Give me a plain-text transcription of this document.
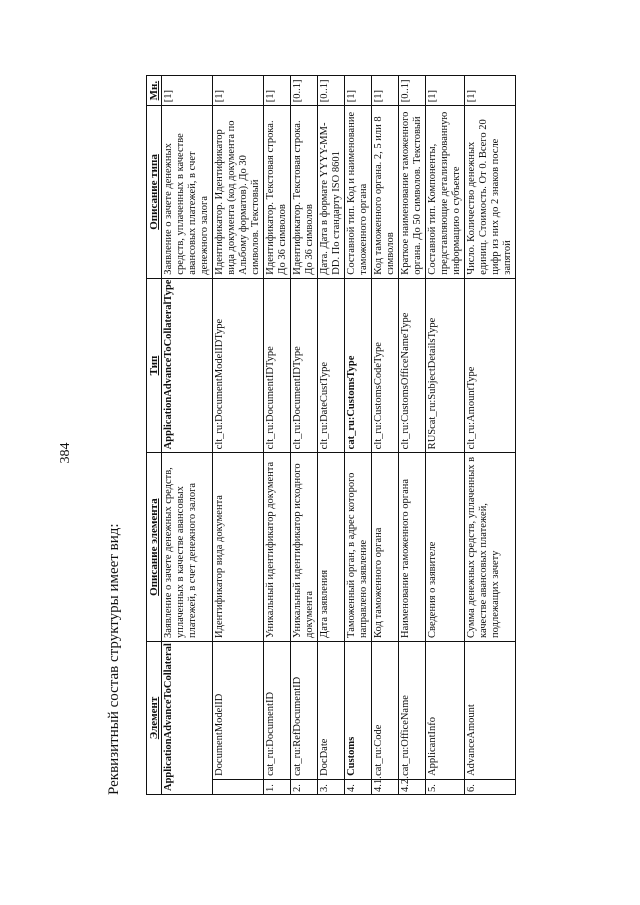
384
Реквизитный состав структуры имеет вид: Элемент		Описание элемента	Тип	Описание типа	Мн.
ApplicationAdvanceToCollateral		Заявление о зачете денежных средств, уплаченных в качестве авансовых платежей, в счет денежного залога	ApplicationAdvanceToCollateralType	Заявление о зачете денежных средств, уплаченных в качестве авансовых платежей, в счет денежного залога	[1]
	DocumentModelID	Идентификатор вида документа	clt_ru:DocumentModelIDType	Идентификатор. Идентификатор вида документа (код документа по Альбому форматов). До 30 символов. Текстовый	[1]
1.	cat_ru:DocumentID	Уникальный идентификатор документа	clt_ru:DocumentIDType	Идентификатор. Текстовая строка. До 36 символов	[1]
2.	cat_ru:RefDocumentID	Уникальный идентификатор исходного документа	clt_ru:DocumentIDType	Идентификатор. Текстовая строка. До 36 символов	[0..1]
3.	DocDate	Дата заявления	clt_ru:DateCustType	Дата. Дата в формате YYYY-MM-DD. По стандарту ISO 8601	[0..1]
4.	Customs	Таможенный орган, в адрес которого направлено заявление	cat_ru:CustomsType	Составной тип. Код и наименование таможенного органа	[1]
4.1.	cat_ru:Code	Код таможенного органа	clt_ru:CustomsCodeType	Код таможенного органа. 2, 5 или 8 символов	[1]
4.2.	cat_ru:OfficeName	Наименование таможенного органа	clt_ru:CustomsOfficeNameType	Краткое наименование таможенного органа. До 50 символов. Текстовый	[0..1]
5.	ApplicantInfo	Сведения о заявителе	RUScat_ru:SubjectDetailsType	Составной тип. Компоненты, представляющие детализированную информацию о субъекте	[1]
6.	AdvanceAmount	Сумма денежных средств, уплаченных в качестве авансовых платежей, подлежащих зачету	clt_ru:AmountType	Число. Количество денежных единиц. Стоимость. От 0. Всего 20 цифр из них до 2 знаков после запятой	[1]
